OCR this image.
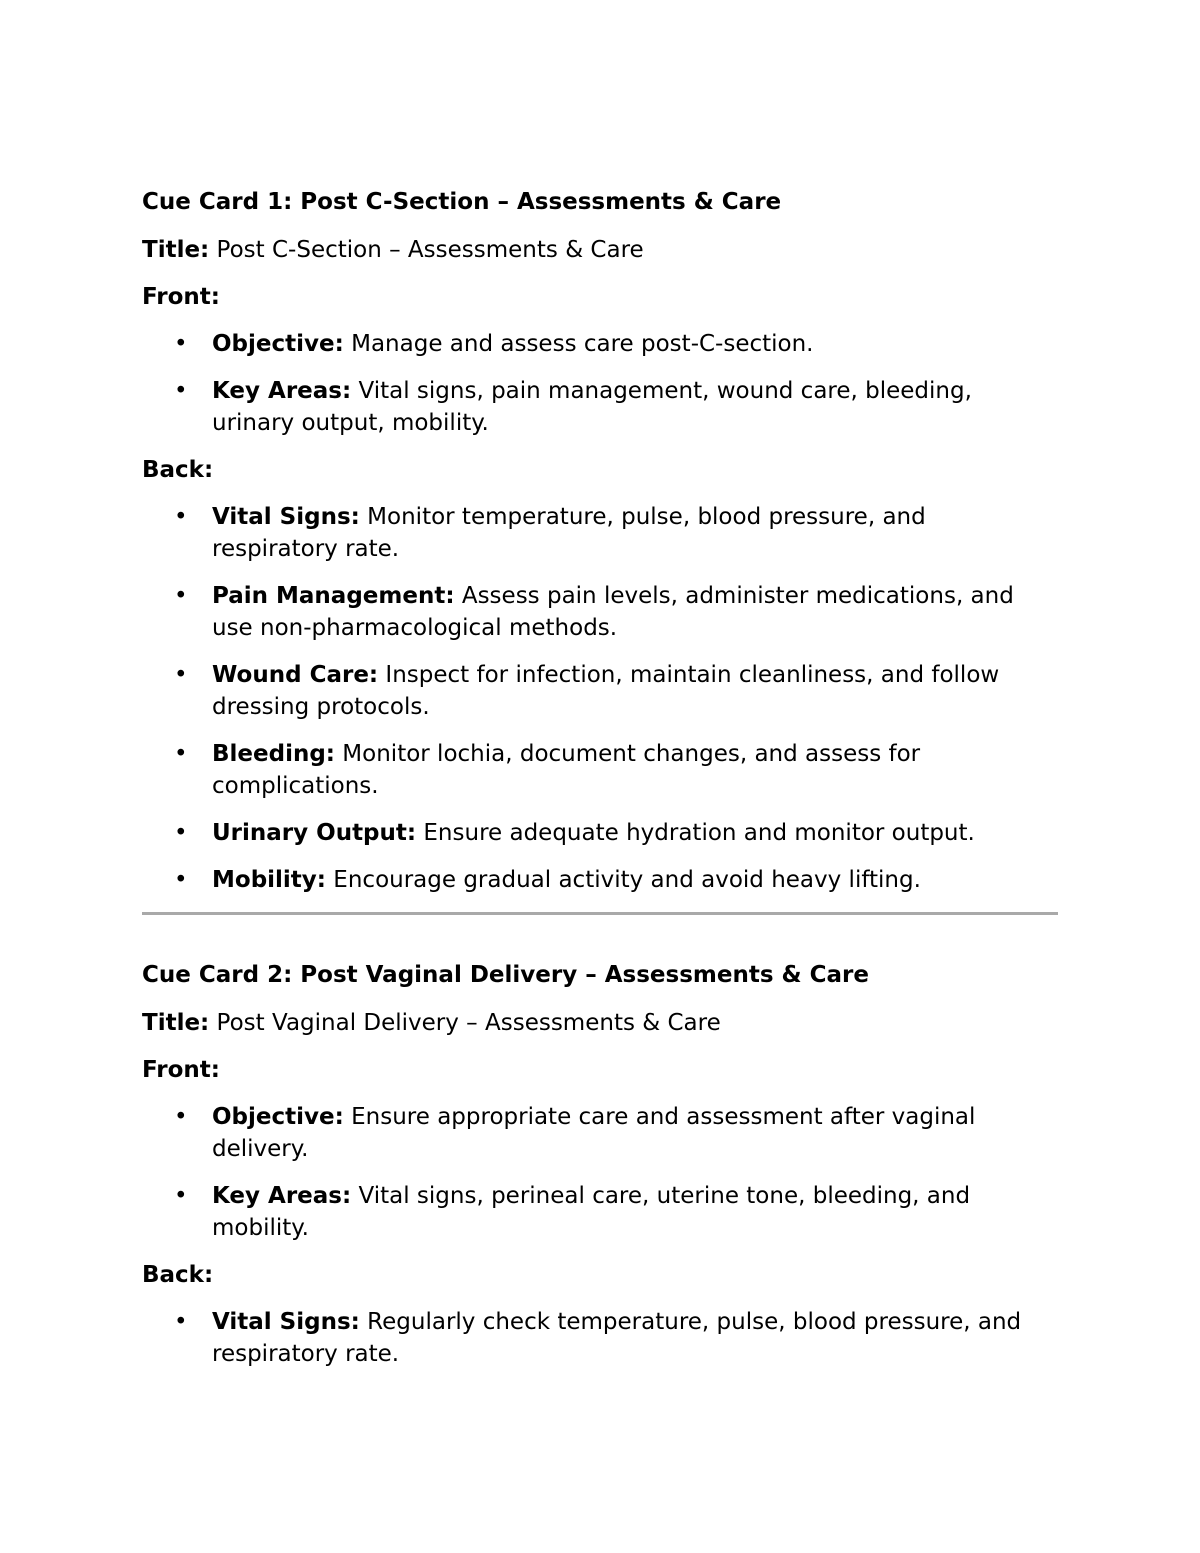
Cue Card 1: Post C-Section – Assessments & Care
Title: Post C-Section – Assessments & Care
Front:
• Objective: Manage and assess care post-C-section.
• Key Areas: Vital signs, pain management, wound care, bleeding, urinary output, mobility.
Back:
• Vital Signs: Monitor temperature, pulse, blood pressure, and respiratory rate.
• Pain Management: Assess pain levels, administer medications, and use non-pharmacological methods.
• Wound Care: Inspect for infection, maintain cleanliness, and follow dressing protocols.
• Bleeding: Monitor lochia, document changes, and assess for complications.
• Urinary Output: Ensure adequate hydration and monitor output.
• Mobility: Encourage gradual activity and avoid heavy lifting.
Cue Card 2: Post Vaginal Delivery – Assessments & Care
Title: Post Vaginal Delivery – Assessments & Care
Front:
• Objective: Ensure appropriate care and assessment after vaginal delivery.
• Key Areas: Vital signs, perineal care, uterine tone, bleeding, and mobility.
Back:
• Vital Signs: Regularly check temperature, pulse, blood pressure, and respiratory rate.
